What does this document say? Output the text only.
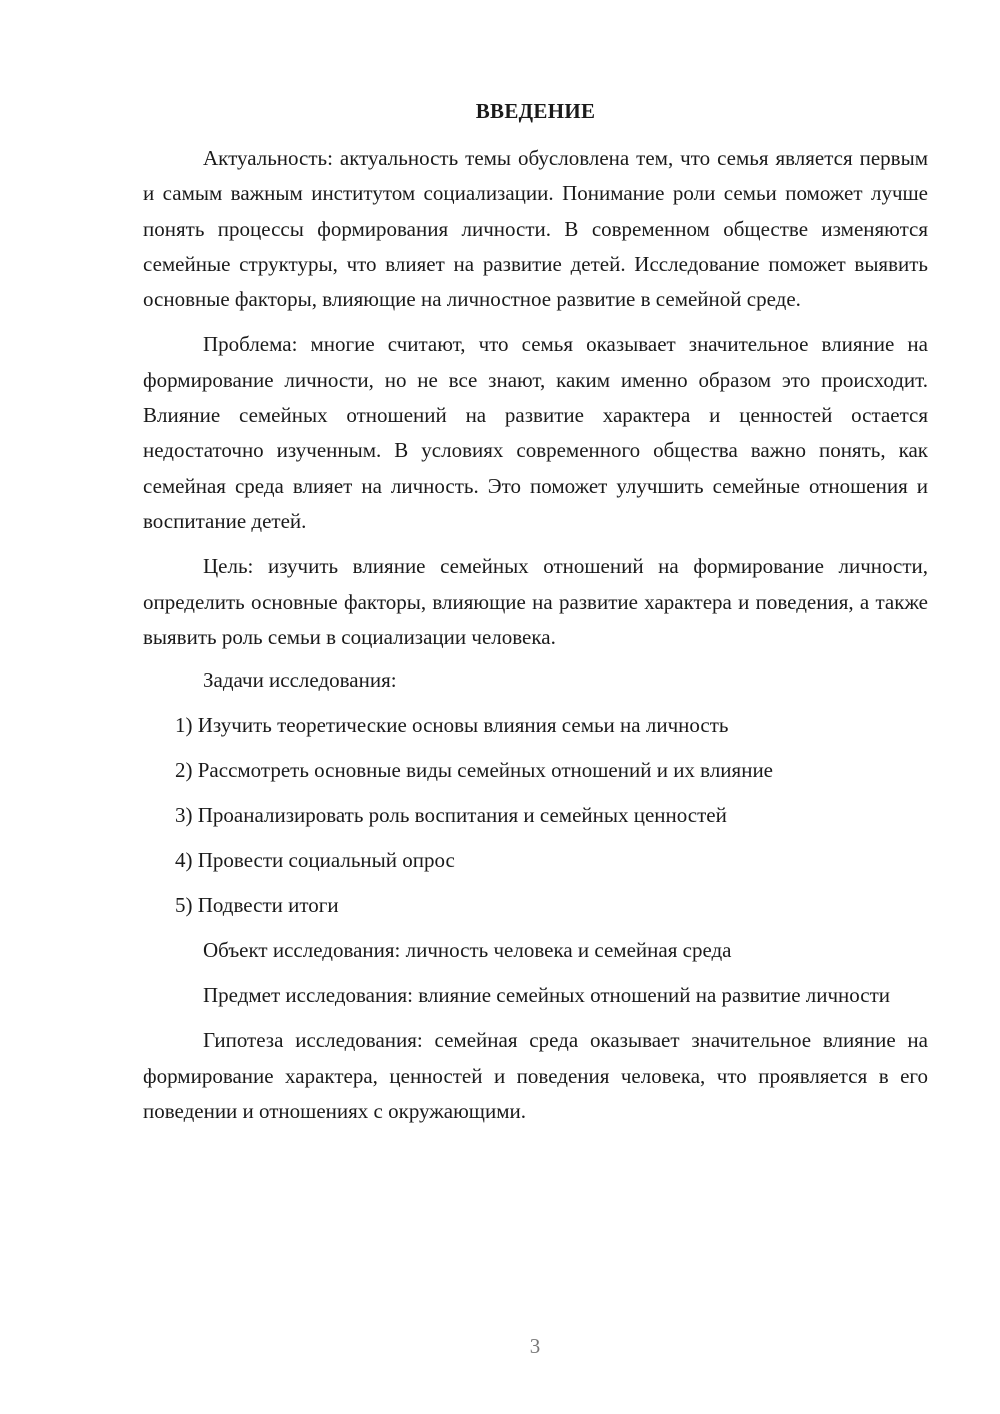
ВВЕДЕНИЕ

Актуальность: актуальность темы обусловлена тем, что семья является первым и самым важным институтом социализации. Понимание роли семьи поможет лучше понять процессы формирования личности. В современном обществе изменяются семейные структуры, что влияет на развитие детей. Исследование поможет выявить основные факторы, влияющие на личностное развитие в семейной среде.

Проблема: многие считают, что семья оказывает значительное влияние на формирование личности, но не все знают, каким именно образом это происходит. Влияние семейных отношений на развитие характера и ценностей остается недостаточно изученным. В условиях современного общества важно понять, как семейная среда влияет на личность. Это поможет улучшить семейные отношения и воспитание детей.

Цель: изучить влияние семейных отношений на формирование личности, определить основные факторы, влияющие на развитие характера и поведения, а также выявить роль семьи в социализации человека.

Задачи исследования:

1) Изучить теоретические основы влияния семьи на личность
2) Рассмотреть основные виды семейных отношений и их влияние
3) Проанализировать роль воспитания и семейных ценностей
4) Провести социальный опрос
5) Подвести итоги

Объект исследования: личность человека и семейная среда

Предмет исследования: влияние семейных отношений на развитие личности

Гипотеза исследования: семейная среда оказывает значительное влияние на формирование характера, ценностей и поведения человека, что проявляется в его поведении и отношениях с окружающими.

3
